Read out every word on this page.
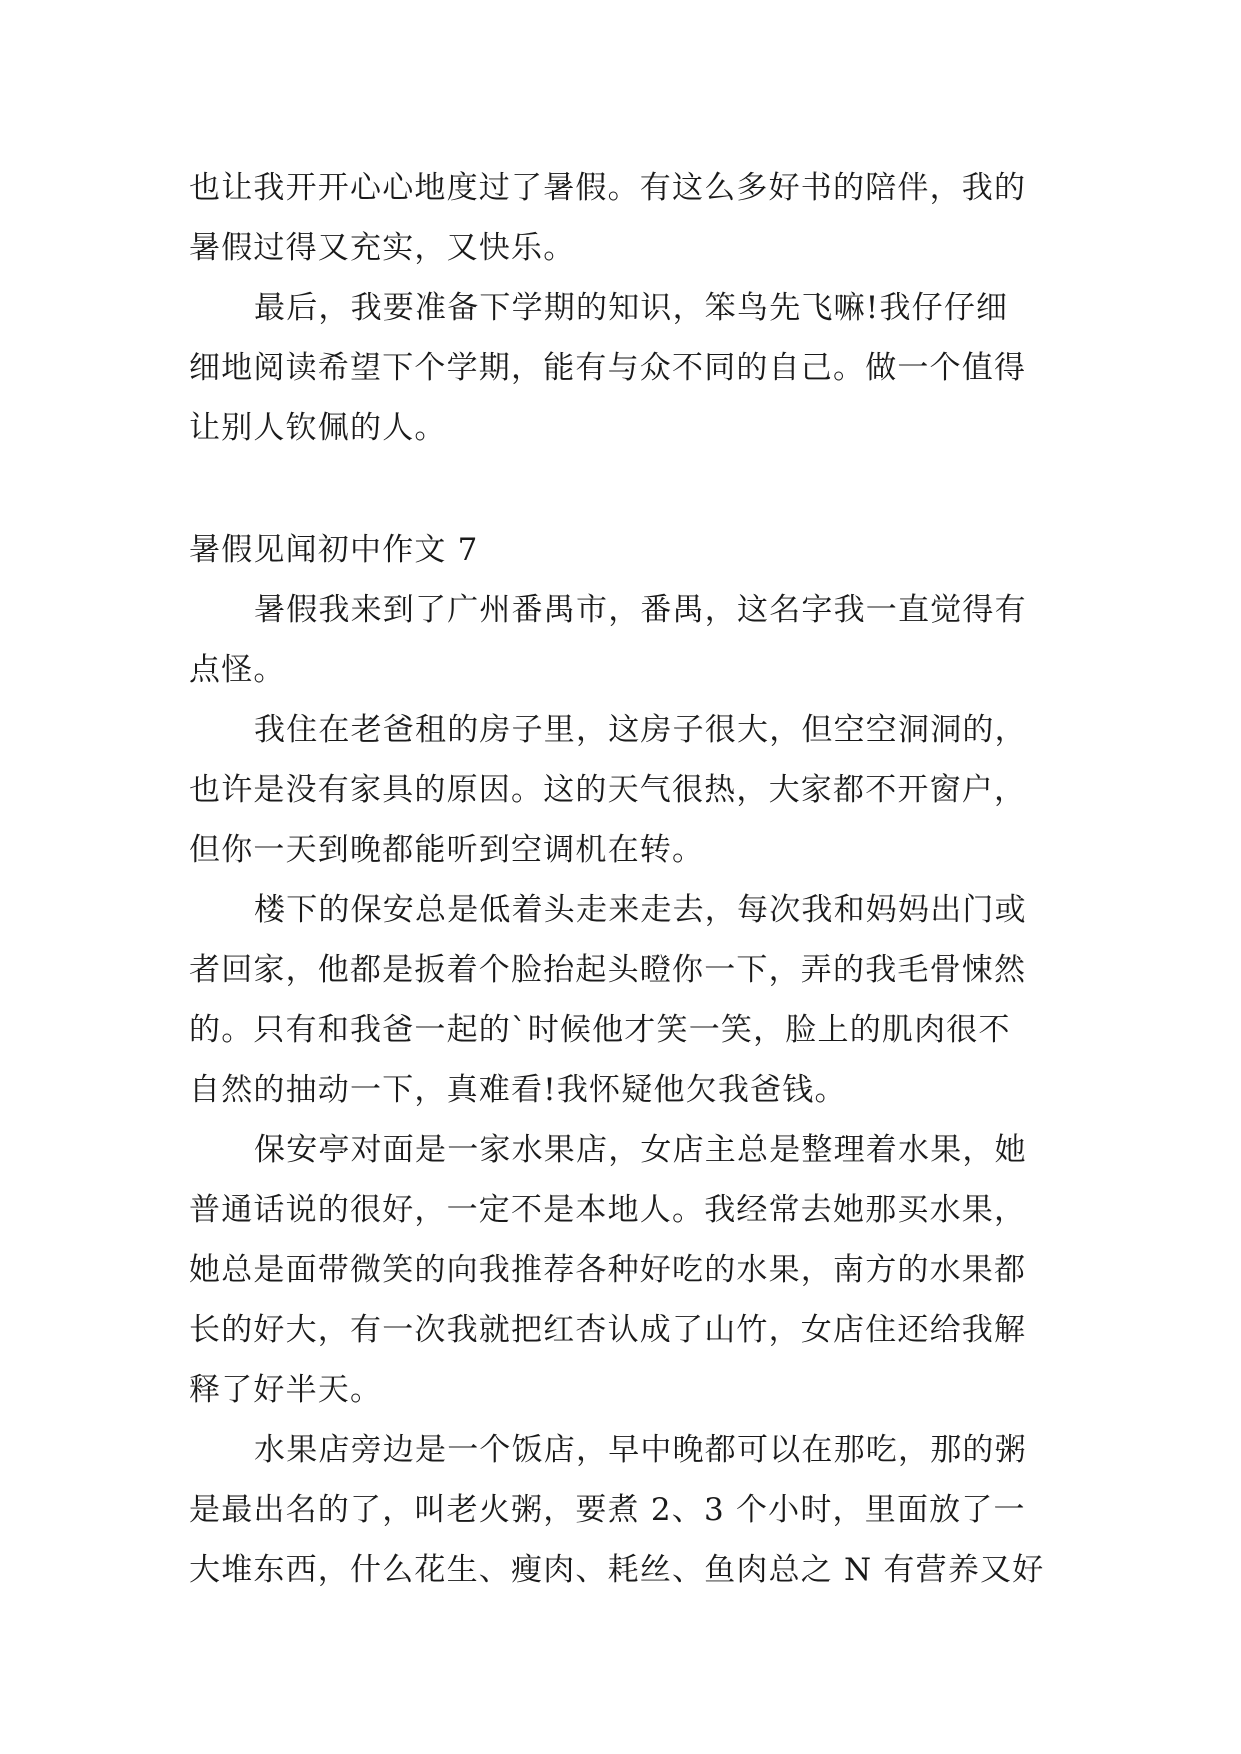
也让我开开心心地度过了暑假。有这么多好书的陪伴，我的
暑假过得又充实，又快乐。
最后，我要准备下学期的知识，笨鸟先飞嘛!我仔仔细
细地阅读希望下个学期，能有与众不同的自己。做一个值得
让别人钦佩的人。
暑假见闻初中作文 7
暑假我来到了广州番禺市，番禺，这名字我一直觉得有
点怪。
我住在老爸租的房子里，这房子很大，但空空洞洞的，
也许是没有家具的原因。这的天气很热，大家都不开窗户，
但你一天到晚都能听到空调机在转。
楼下的保安总是低着头走来走去，每次我和妈妈出门或
者回家，他都是扳着个脸抬起头瞪你一下，弄的我毛骨悚然
的。只有和我爸一起的`时候他才笑一笑，脸上的肌肉很不
自然的抽动一下，真难看!我怀疑他欠我爸钱。
保安亭对面是一家水果店，女店主总是整理着水果，她
普通话说的很好，一定不是本地人。我经常去她那买水果，
她总是面带微笑的向我推荐各种好吃的水果，南方的水果都
长的好大，有一次我就把红杏认成了山竹，女店住还给我解
释了好半天。
水果店旁边是一个饭店，早中晚都可以在那吃，那的粥
是最出名的了，叫老火粥，要煮 2、3 个小时，里面放了一
大堆东西，什么花生、瘦肉、耗丝、鱼肉总之 N 有营养又好
